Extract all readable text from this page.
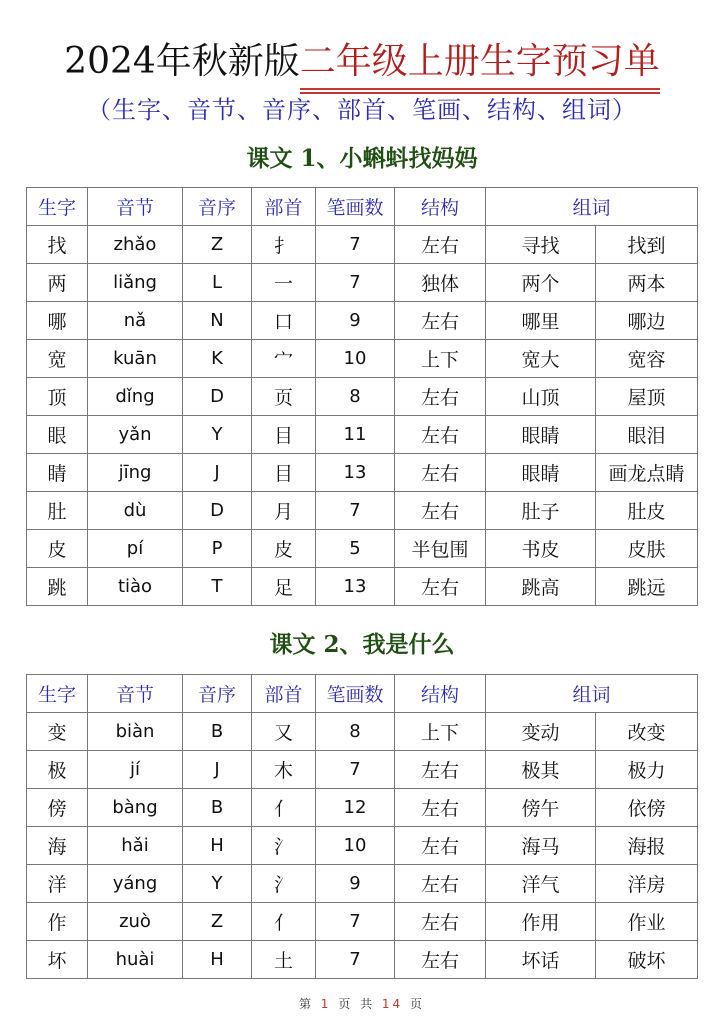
2024年秋新版二年级上册生字预习单
（生字、音节、音序、部首、笔画、结构、组词）
课文 1、小蝌蚪找妈妈
生字	音节	音序	部首	笔画数	结构	组词	
找	zhǎo	Z	扌	7	左右	寻找	找到
两	liǎng	L	一	7	独体	两个	两本
哪	nǎ	N	口	9	左右	哪里	哪边
宽	kuān	K	宀	10	上下	宽大	宽容
顶	dǐng	D	页	8	左右	山顶	屋顶
眼	yǎn	Y	目	11	左右	眼睛	眼泪
睛	jīng	J	目	13	左右	眼睛	画龙点睛
肚	dù	D	月	7	左右	肚子	肚皮
皮	pí	P	皮	5	半包围	书皮	皮肤
跳	tiào	T	足	13	左右	跳高	跳远
课文 2、我是什么
生字	音节	音序	部首	笔画数	结构	组词	
变	biàn	B	又	8	上下	变动	改变
极	jí	J	木	7	左右	极其	极力
傍	bàng	B	亻	12	左右	傍午	依傍
海	hǎi	H	氵	10	左右	海马	海报
洋	yáng	Y	氵	9	左右	洋气	洋房
作	zuò	Z	亻	7	左右	作用	作业
坏	huài	H	土	7	左右	坏话	破坏
第 1 页 共 14 页
